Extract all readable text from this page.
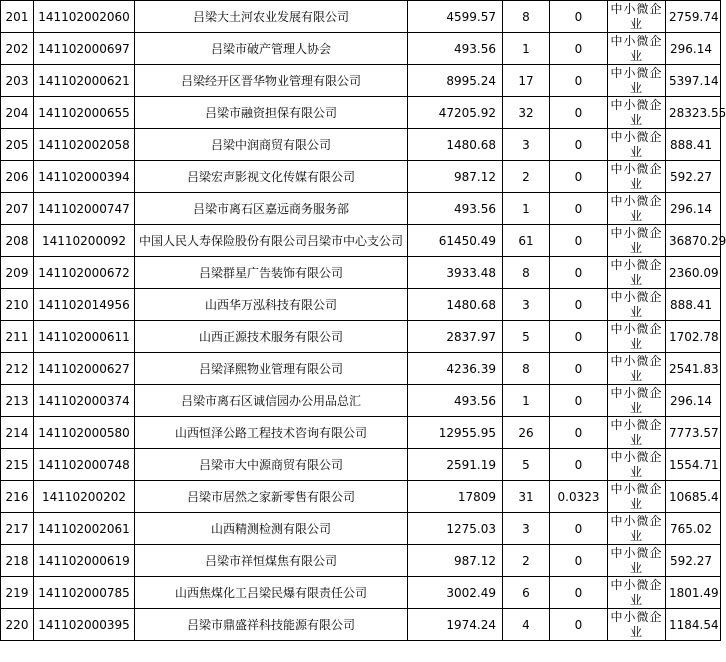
201	141102002060	吕梁大土河农业发展有限公司	4599.57	8	0	中小微企业	2759.74
202	141102000697	吕梁市破产管理人协会	493.56	1	0	中小微企业	296.14
203	141102000621	吕梁经开区晋华物业管理有限公司	8995.24	17	0	中小微企业	5397.14
204	141102000655	吕梁市融资担保有限公司	47205.92	32	0	中小微企业	28323.55
205	141102002058	吕梁中润商贸有限公司	1480.68	3	0	中小微企业	888.41
206	141102000394	吕梁宏声影视文化传媒有限公司	987.12	2	0	中小微企业	592.27
207	141102000747	吕梁市离石区嘉远商务服务部	493.56	1	0	中小微企业	296.14
208	14110200092	中国人民人寿保险股份有限公司吕梁市中心支公司	61450.49	61	0	中小微企业	36870.29
209	141102000672	吕梁群星广告装饰有限公司	3933.48	8	0	中小微企业	2360.09
210	141102014956	山西华万泓科技有限公司	1480.68	3	0	中小微企业	888.41
211	141102000611	山西正源技术服务有限公司	2837.97	5	0	中小微企业	1702.78
212	141102000627	吕梁泽熙物业管理有限公司	4236.39	8	0	中小微企业	2541.83
213	141102000374	吕梁市离石区诚信园办公用品总汇	493.56	1	0	中小微企业	296.14
214	141102000580	山西恒泽公路工程技术咨询有限公司	12955.95	26	0	中小微企业	7773.57
215	141102000748	吕梁市大中源商贸有限公司	2591.19	5	0	中小微企业	1554.71
216	14110200202	吕梁市居然之家新零售有限公司	17809	31	0.0323	中小微企业	10685.4
217	141102002061	山西精测检测有限公司	1275.03	3	0	中小微企业	765.02
218	141102000619	吕梁市祥恒煤焦有限公司	987.12	2	0	中小微企业	592.27
219	141102000785	山西焦煤化工吕梁民爆有限责任公司	3002.49	6	0	中小微企业	1801.49
220	141102000395	吕梁市鼎盛祥科技能源有限公司	1974.24	4	0	中小微企业	1184.54
